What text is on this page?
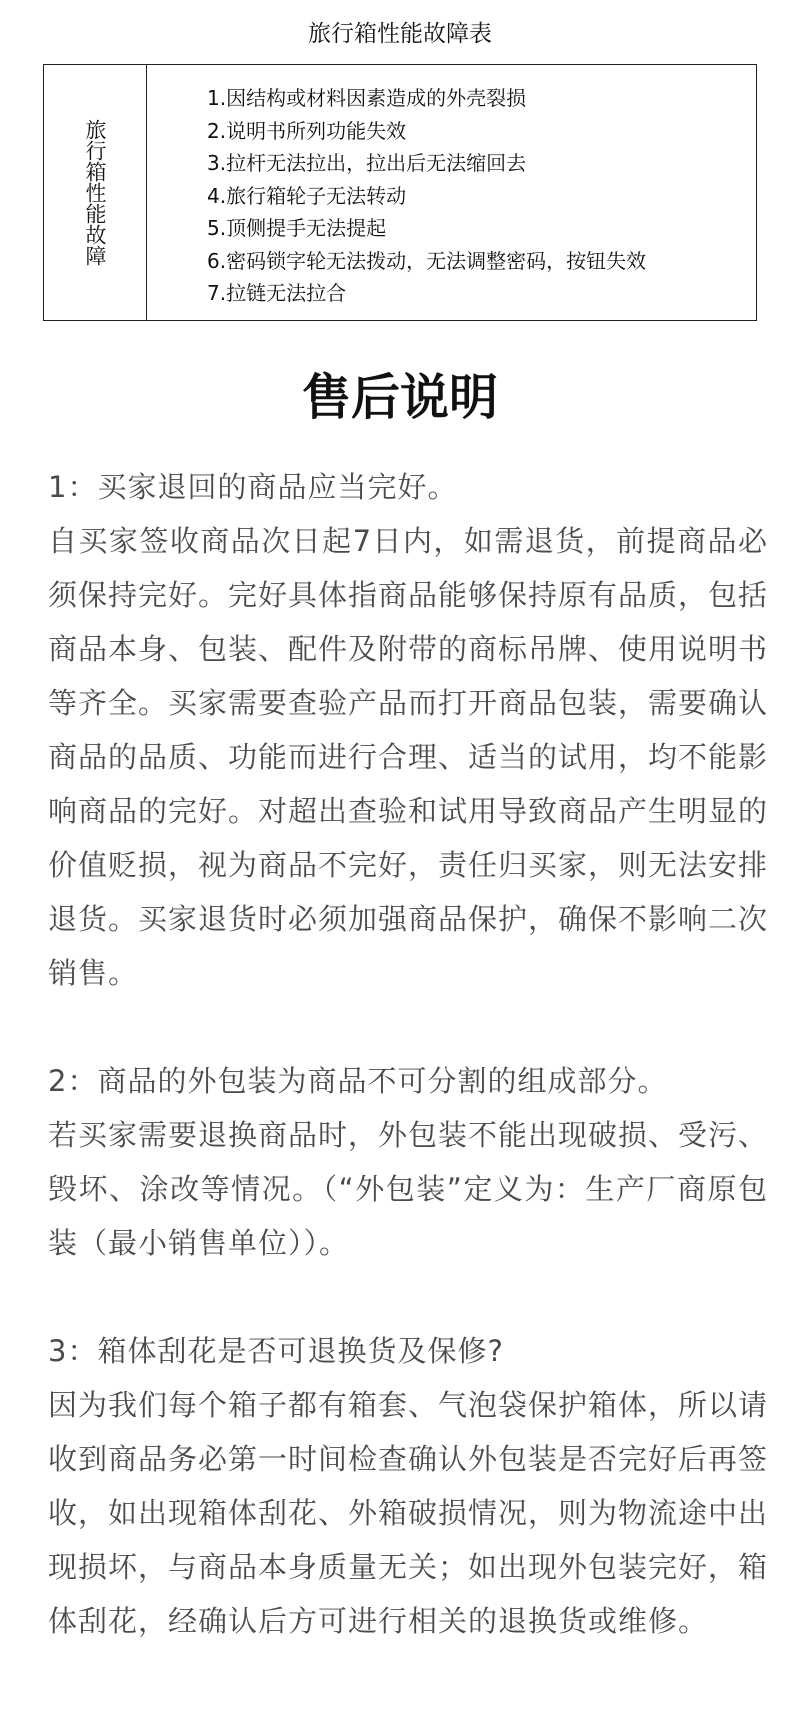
旅行箱性能故障表
旅行箱性能故障
1.因结构或材料因素造成的外壳裂损
2.说明书所列功能失效
3.拉杆无法拉出，拉出后无法缩回去
4.旅行箱轮子无法转动
5.顶侧提手无法提起
6.密码锁字轮无法拨动，无法调整密码，按钮失效
7.拉链无法拉合
售后说明
1：买家退回的商品应当完好。
自买家签收商品次日起7日内，如需退货，前提商品必须保持完好。完好具体指商品能够保持原有品质，包括商品本身、包装、配件及附带的商标吊牌、使用说明书等齐全。买家需要查验产品而打开商品包装，需要确认商品的品质、功能而进行合理、适当的试用，均不能影响商品的完好。对超出查验和试用导致商品产生明显的价值贬损，视为商品不完好，责任归买家，则无法安排退货。买家退货时必须加强商品保护，确保不影响二次销售。
2：商品的外包装为商品不可分割的组成部分。
若买家需要退换商品时，外包装不能出现破损、受污、毁坏、涂改等情况。（“外包装”定义为：生产厂商原包装（最小销售单位））。
3：箱体刮花是否可退换货及保修?
因为我们每个箱子都有箱套、气泡袋保护箱体，所以请收到商品务必第一时间检查确认外包装是否完好后再签收，如出现箱体刮花、外箱破损情况，则为物流途中出现损坏，与商品本身质量无关；如出现外包装完好，箱体刮花，经确认后方可进行相关的退换货或维修。
